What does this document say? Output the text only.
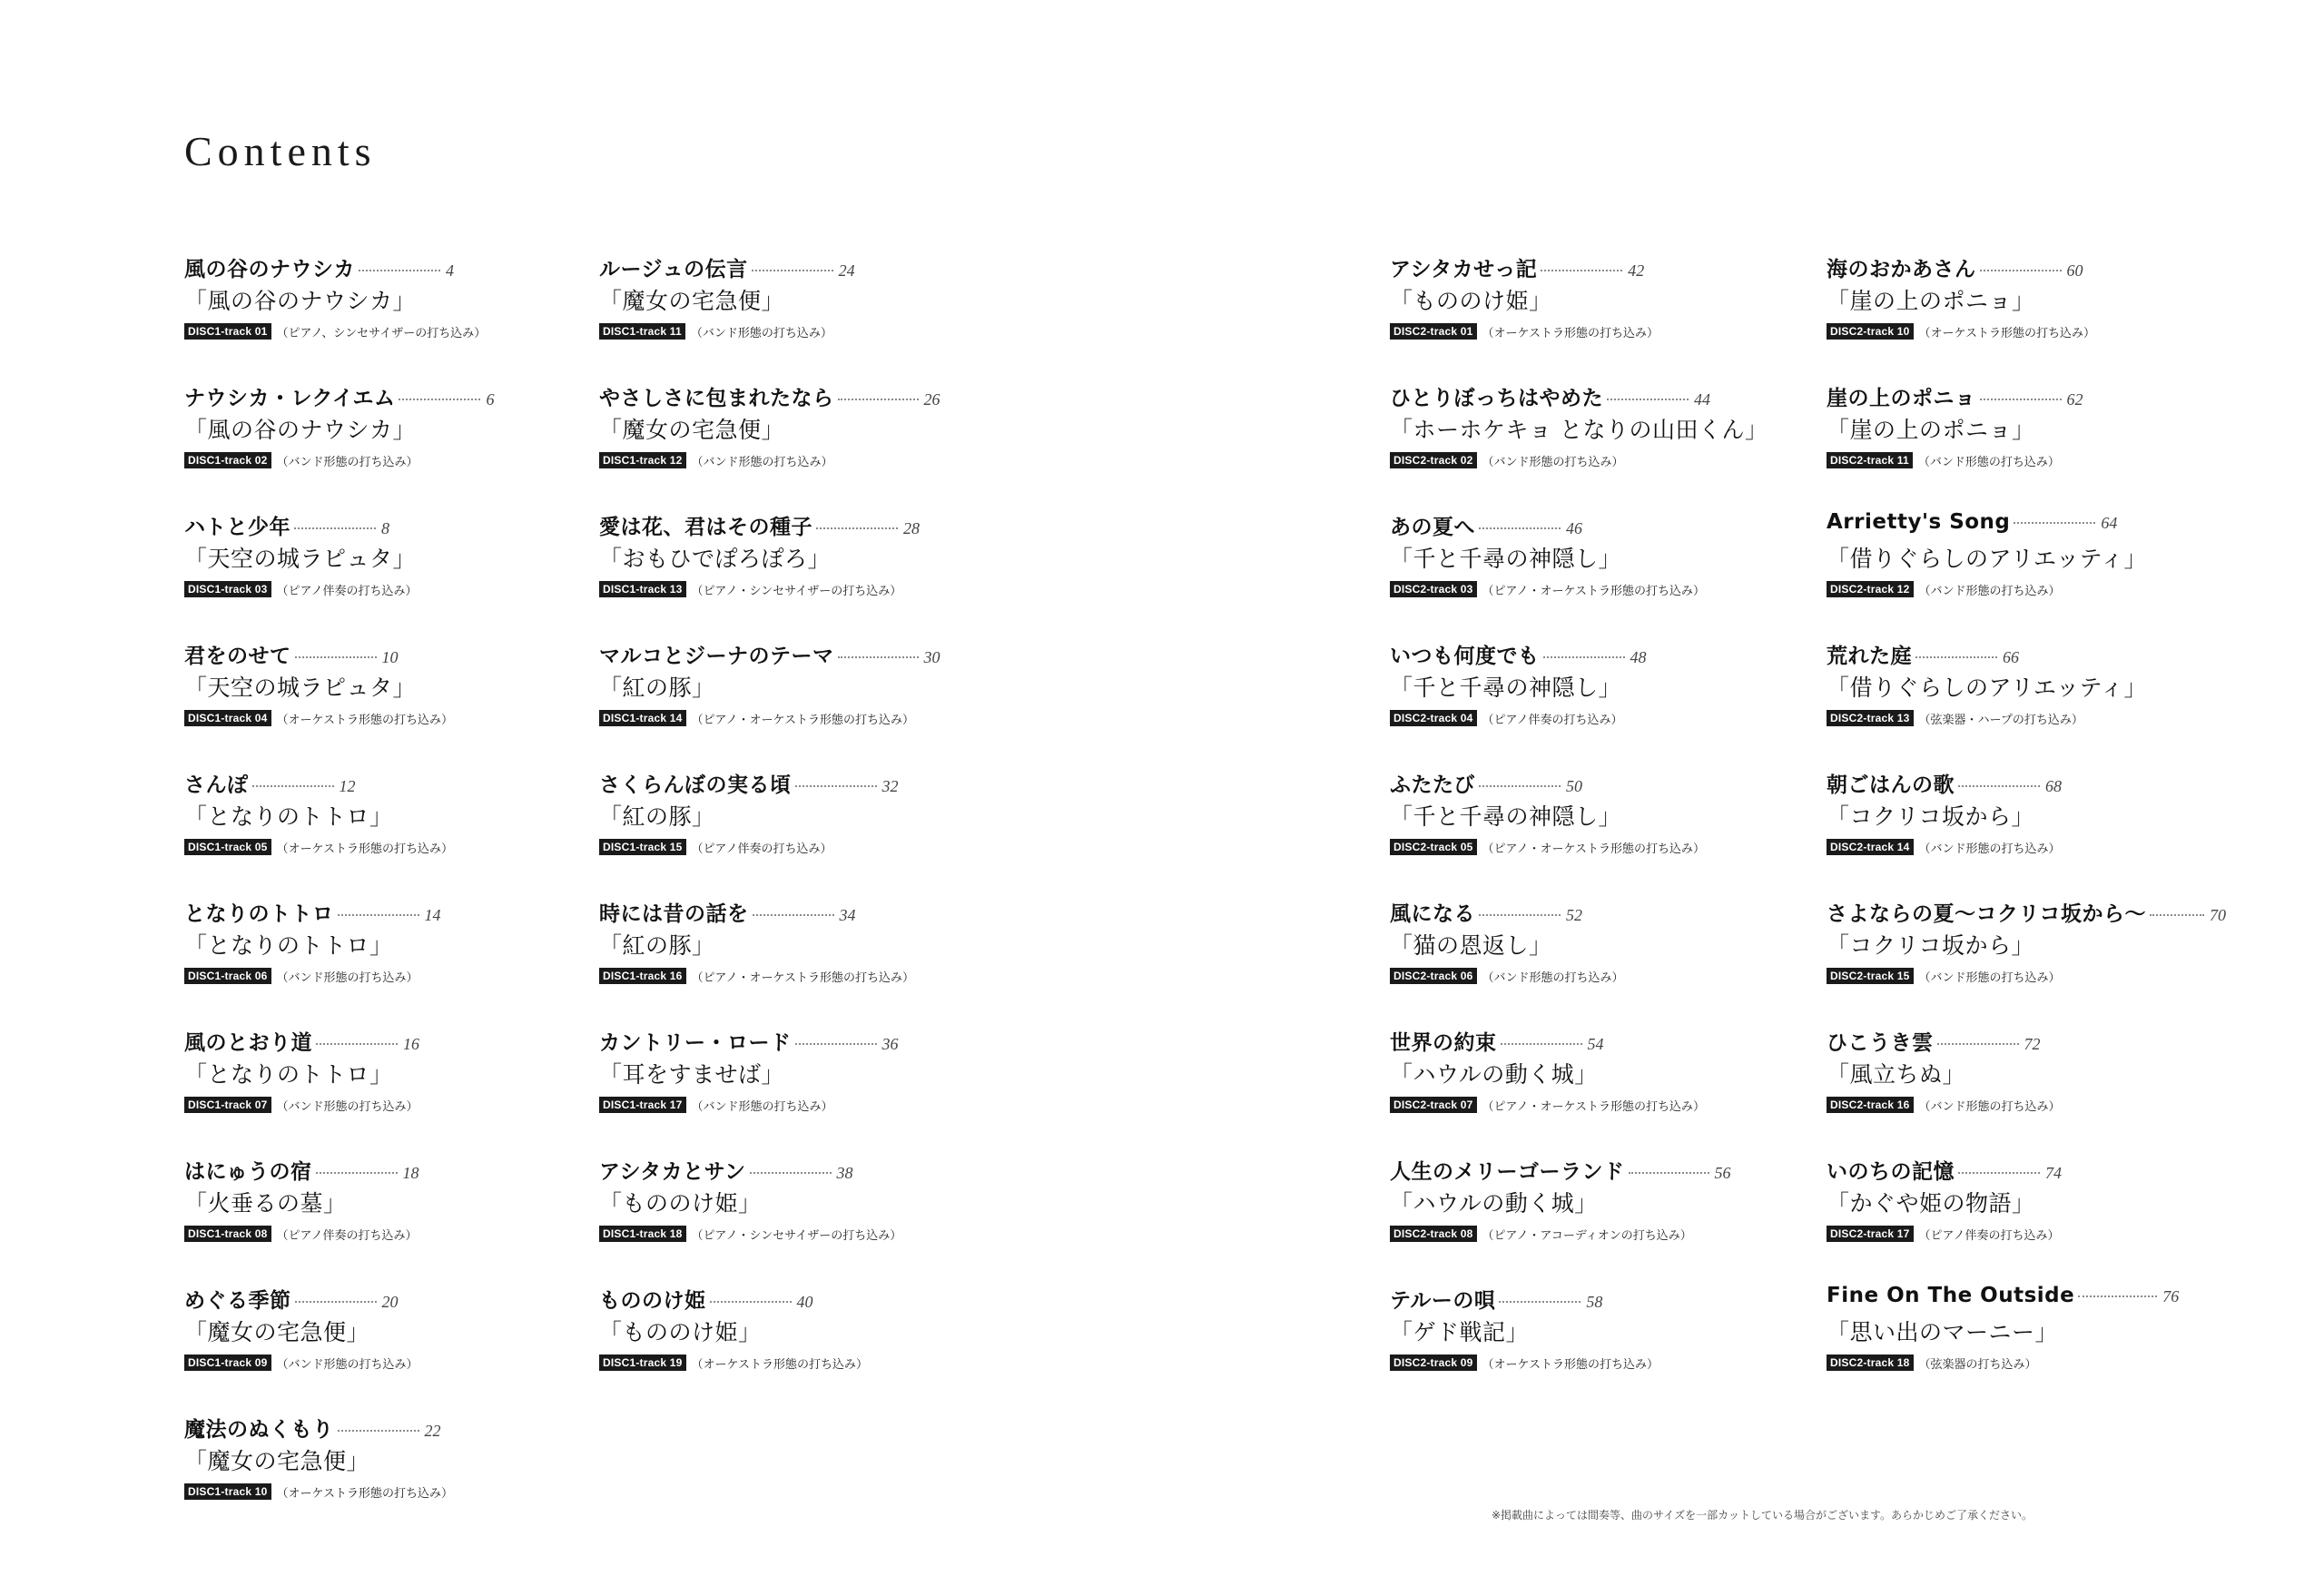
Contents
風の谷のナウシカ	4
「風の谷のナウシカ」
DISC1-track 01 （ピアノ、シンセサイザーの打ち込み）
ナウシカ・レクイエム	6
「風の谷のナウシカ」
DISC1-track 02 （バンド形態の打ち込み）
ハトと少年	8
「天空の城ラピュタ」
DISC1-track 03 （ピアノ伴奏の打ち込み）
君をのせて	10
「天空の城ラピュタ」
DISC1-track 04 （オーケストラ形態の打ち込み）
さんぽ	12
「となりのトトロ」
DISC1-track 05 （オーケストラ形態の打ち込み）
となりのトトロ	14
「となりのトトロ」
DISC1-track 06 （バンド形態の打ち込み）
風のとおり道	16
「となりのトトロ」
DISC1-track 07 （バンド形態の打ち込み）
はにゅうの宿	18
「火垂るの墓」
DISC1-track 08 （ピアノ伴奏の打ち込み）
めぐる季節	20
「魔女の宅急便」
DISC1-track 09 （バンド形態の打ち込み）
魔法のぬくもり	22
「魔女の宅急便」
DISC1-track 10 （オーケストラ形態の打ち込み）
ルージュの伝言	24
「魔女の宅急便」
DISC1-track 11 （バンド形態の打ち込み）
やさしさに包まれたなら	26
「魔女の宅急便」
DISC1-track 12 （バンド形態の打ち込み）
愛は花、君はその種子	28
「おもひでぽろぽろ」
DISC1-track 13 （ピアノ・シンセサイザーの打ち込み）
マルコとジーナのテーマ	30
「紅の豚」
DISC1-track 14 （ピアノ・オーケストラ形態の打ち込み）
さくらんぼの実る頃	32
「紅の豚」
DISC1-track 15 （ピアノ伴奏の打ち込み）
時には昔の話を	34
「紅の豚」
DISC1-track 16 （ピアノ・オーケストラ形態の打ち込み）
カントリー・ロード	36
「耳をすませば」
DISC1-track 17 （バンド形態の打ち込み）
アシタカとサン	38
「もののけ姫」
DISC1-track 18 （ピアノ・シンセサイザーの打ち込み）
もののけ姫	40
「もののけ姫」
DISC1-track 19 （オーケストラ形態の打ち込み）
アシタカせっ記	42
「もののけ姫」
DISC2-track 01 （オーケストラ形態の打ち込み）
ひとりぼっちはやめた	44
「ホーホケキョ となりの山田くん」
DISC2-track 02 （バンド形態の打ち込み）
あの夏へ	46
「千と千尋の神隠し」
DISC2-track 03 （ピアノ・オーケストラ形態の打ち込み）
いつも何度でも	48
「千と千尋の神隠し」
DISC2-track 04 （ピアノ伴奏の打ち込み）
ふたたび	50
「千と千尋の神隠し」
DISC2-track 05 （ピアノ・オーケストラ形態の打ち込み）
風になる	52
「猫の恩返し」
DISC2-track 06 （バンド形態の打ち込み）
世界の約束	54
「ハウルの動く城」
DISC2-track 07 （ピアノ・オーケストラ形態の打ち込み）
人生のメリーゴーランド	56
「ハウルの動く城」
DISC2-track 08 （ピアノ・アコーディオンの打ち込み）
テルーの唄	58
「ゲド戦記」
DISC2-track 09 （オーケストラ形態の打ち込み）
海のおかあさん	60
「崖の上のポニョ」
DISC2-track 10 （オーケストラ形態の打ち込み）
崖の上のポニョ	62
「崖の上のポニョ」
DISC2-track 11 （バンド形態の打ち込み）
Arrietty's Song	64
「借りぐらしのアリエッティ」
DISC2-track 12 （バンド形態の打ち込み）
荒れた庭	66
「借りぐらしのアリエッティ」
DISC2-track 13 （弦楽器・ハープの打ち込み）
朝ごはんの歌	68
「コクリコ坂から」
DISC2-track 14 （バンド形態の打ち込み）
さよならの夏〜コクリコ坂から〜	70
「コクリコ坂から」
DISC2-track 15 （バンド形態の打ち込み）
ひこうき雲	72
「風立ちぬ」
DISC2-track 16 （バンド形態の打ち込み）
いのちの記憶	74
「かぐや姫の物語」
DISC2-track 17 （ピアノ伴奏の打ち込み）
Fine On The Outside	76
「思い出のマーニー」
DISC2-track 18 （弦楽器の打ち込み）
※掲載曲によっては間奏等、曲のサイズを一部カットしている場合がございます。あらかじめご了承ください。
